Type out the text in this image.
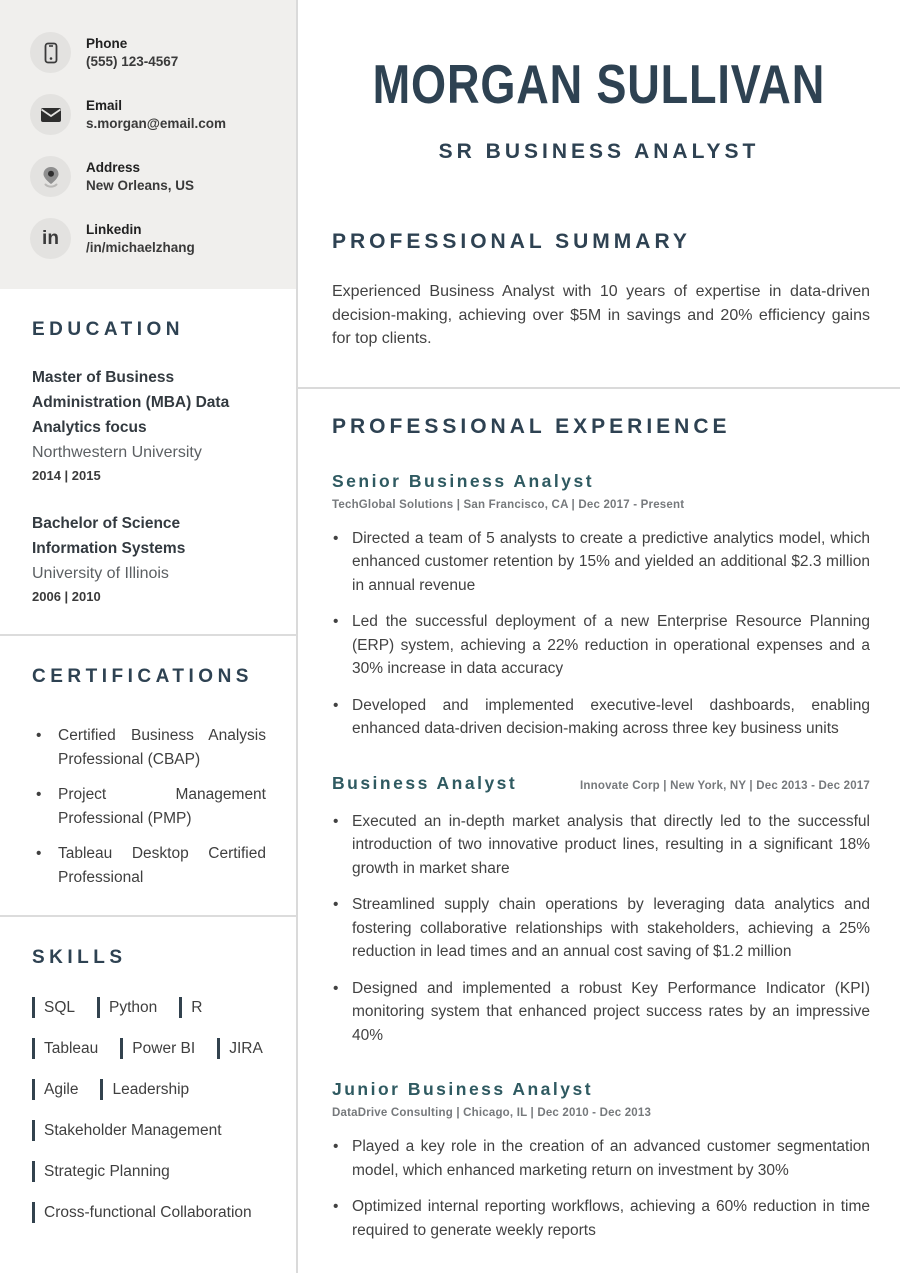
Phone
(555) 123-4567
Email
s.morgan@email.com
Address
New Orleans, US
in Linkedin
/in/michaelzhang
EDUCATION
Master of Business Administration (MBA) Data Analytics focus
Northwestern University
2014 | 2015
Bachelor of Science Information Systems
University of Illinois
2006 | 2010
CERTIFICATIONS
• Certified Business Analysis Professional (CBAP)
• Project Management Professional (PMP)
• Tableau Desktop Certified Professional
SKILLS
SQL	Python	R
Tableau	Power BI	JIRA
Agile	Leadership
Stakeholder Management
Strategic Planning
Cross-functional Collaboration
MORGAN SULLIVAN
SR BUSINESS ANALYST
PROFESSIONAL SUMMARY

Experienced Business Analyst with 10 years of expertise in data-driven decision-making, achieving over $5M in savings and 20% efficiency gains for top clients.

PROFESSIONAL EXPERIENCE
Senior Business Analyst
TechGlobal Solutions | San Francisco, CA | Dec 2017 - Present
• Directed a team of 5 analysts to create a predictive analytics model, which enhanced customer retention by 15% and yielded an additional $2.3 million in annual revenue
• Led the successful deployment of a new Enterprise Resource Planning (ERP) system, achieving a 22% reduction in operational expenses and a 30% increase in data accuracy
• Developed and implemented executive-level dashboards, enabling enhanced data-driven decision-making across three key business units
Business Analyst	Innovate Corp | New York, NY | Dec 2013 - Dec 2017
• Executed an in-depth market analysis that directly led to the successful introduction of two innovative product lines, resulting in a significant 18% growth in market share
• Streamlined supply chain operations by leveraging data analytics and fostering collaborative relationships with stakeholders, achieving a 25% reduction in lead times and an annual cost saving of $1.2 million
• Designed and implemented a robust Key Performance Indicator (KPI) monitoring system that enhanced project success rates by an impressive 40%
Junior Business Analyst
DataDrive Consulting | Chicago, IL | Dec 2010 - Dec 2013
• Played a key role in the creation of an advanced customer segmentation model, which enhanced marketing return on investment by 30%
• Optimized internal reporting workflows, achieving a 60% reduction in time required to generate weekly reports
